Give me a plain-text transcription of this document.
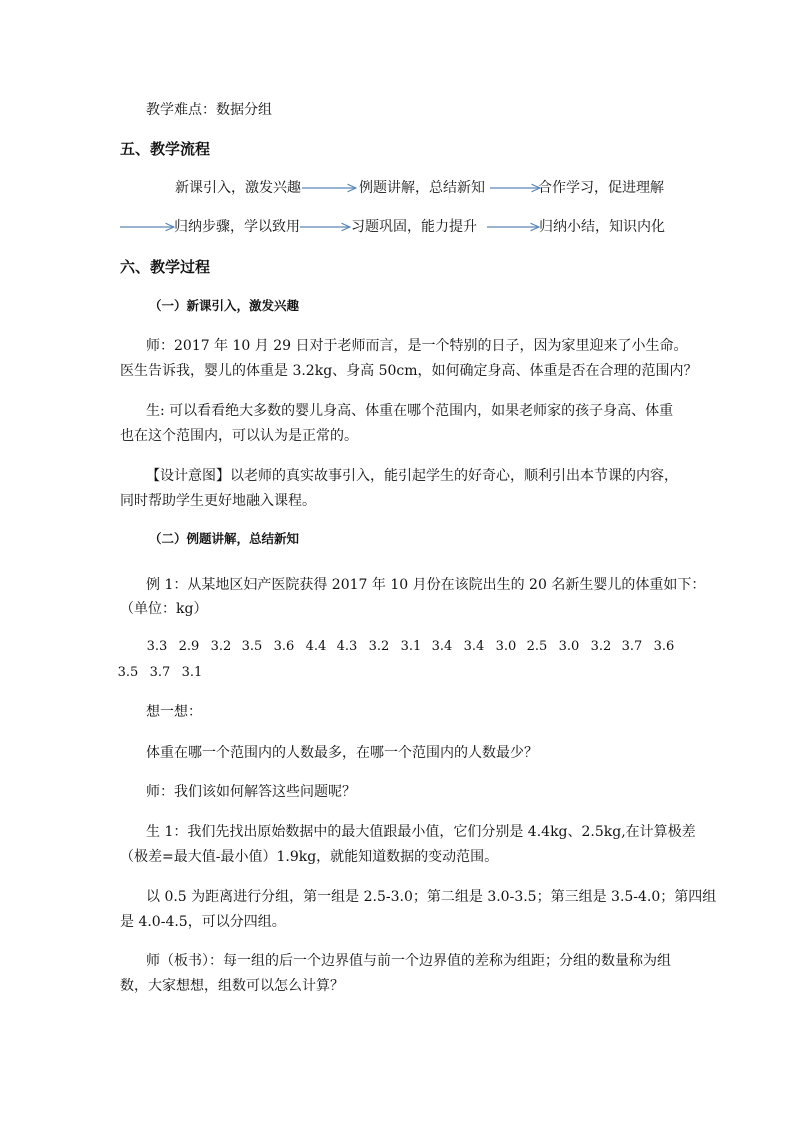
教学难点：数据分组
五、教学流程
新课引入，激发兴趣	例题讲解，总结新知	合作学习，促进理解
归纳步骤，学以致用	习题巩固，能力提升	归纳小结，知识内化
六、教学过程
（一）新课引入，激发兴趣
师：2017 年 10 月 29 日对于老师而言，是一个特别的日子，因为家里迎来了小生命。
医生告诉我，婴儿的体重是 3.2kg、身高 50cm，如何确定身高、体重是否在合理的范围内？
生: 可以看看绝大多数的婴儿身高、体重在哪个范围内，如果老师家的孩子身高、体重
也在这个范围内，可以认为是正常的。
【设计意图】以老师的真实故事引入，能引起学生的好奇心，顺利引出本节课的内容，
同时帮助学生更好地融入课程。
（二）例题讲解，总结新知
例 1：从某地区妇产医院获得 2017 年 10 月份在该院出生的 20 名新生婴儿的体重如下：
（单位：kg）
3.3 2.9 3.2 3.5 3.6 4.4 4.3 3.2 3.1 3.4 3.4 3.0 2.5 3.0 3.2 3.7 3.6
3.5 3.7 3.1
想一想：
体重在哪一个范围内的人数最多，在哪一个范围内的人数最少？
师：我们该如何解答这些问题呢？
生 1：我们先找出原始数据中的最大值跟最小值，它们分别是 4.4kg、2.5kg,在计算极差
（极差=最大值-最小值）1.9kg，就能知道数据的变动范围。
以 0.5 为距离进行分组，第一组是 2.5-3.0；第二组是 3.0-3.5；第三组是 3.5-4.0；第四组
是 4.0-4.5，可以分四组。
师（板书）：每一组的后一个边界值与前一个边界值的差称为组距；分组的数量称为组
数，大家想想，组数可以怎么计算？
